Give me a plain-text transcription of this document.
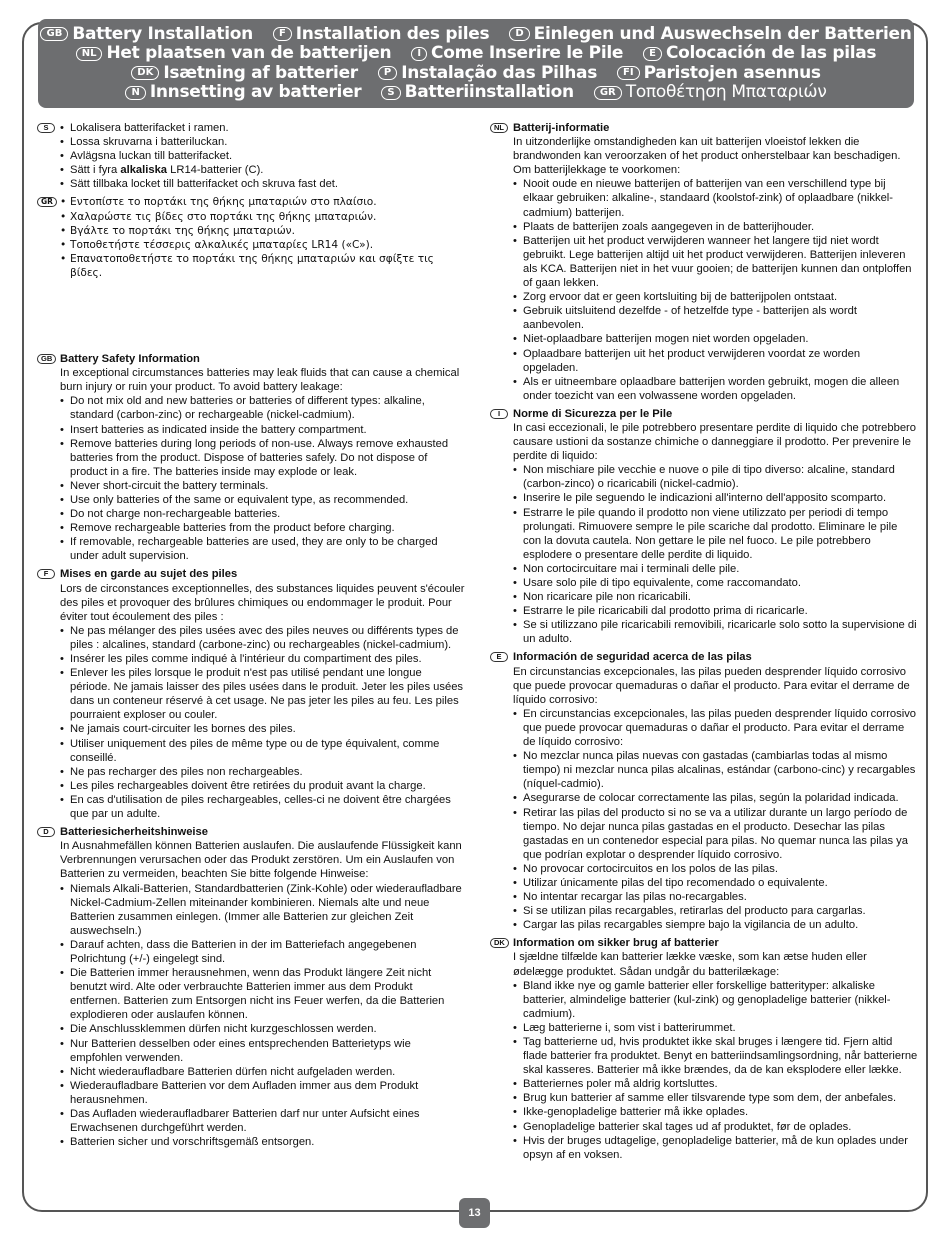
GB Battery Installation	F Installation des piles	D Einlegen und Auswechseln der Batterien
NL Het plaatsen van de batterijen	I Come Inserire le Pile	E Colocación de las pilas
DK Isætning af batterier	P Instalação das Pilhas	FI Paristojen asennus
N Innsetting av batterier	S Batteriinstallation	GR Τοποθέτηση Μπαταριών
S	• Lokalisera batterifacket i ramen.
• Lossa skruvarna i batteriluckan.
• Avlägsna luckan till batterifacket.
• Sätt i fyra alkaliska LR14-batterier (C).
• Sätt tillbaka locket till batterifacket och skruva fast det.
GR	• Εντοπίστε το πορτάκι της θήκης μπαταριών στο πλαίσιο.
• Χαλαρώστε τις βίδες στο πορτάκι της θήκης μπαταριών.
• Βγάλτε το πορτάκι της θήκης μπαταριών.
• Τοποθετήστε τέσσερις αλκαλικές μπαταρίες LR14 («C»).
• Επανατοποθετήστε το πορτάκι της θήκης μπαταριών και σφίξτε τις βίδες.
GB Battery Safety Information
In exceptional circumstances batteries may leak fluids that can cause a chemical burn injury or ruin your product. To avoid battery leakage:
• Do not mix old and new batteries or batteries of different types: alkaline, standard (carbon-zinc) or rechargeable (nickel-cadmium).
• Insert batteries as indicated inside the battery compartment.
• Remove batteries during long periods of non-use. Always remove exhausted batteries from the product. Dispose of batteries safely. Do not dispose of product in a fire. The batteries inside may explode or leak.
• Never short-circuit the battery terminals.
• Use only batteries of the same or equivalent type, as recommended.
• Do not charge non-rechargeable batteries.
• Remove rechargeable batteries from the product before charging.
• If removable, rechargeable batteries are used, they are only to be charged under adult supervision.
F	Mises en garde au sujet des piles
Lors de circonstances exceptionnelles, des substances liquides peuvent s'écouler des piles et provoquer des brûlures chimiques ou endommager le produit. Pour éviter tout écoulement des piles :
• Ne pas mélanger des piles usées avec des piles neuves ou différents types de piles : alcalines, standard (carbone-zinc) ou rechargeables (nickel-cadmium).
• Insérer les piles comme indiqué à l'intérieur du compartiment des piles.
• Enlever les piles lorsque le produit n'est pas utilisé pendant une longue période. Ne jamais laisser des piles usées dans le produit. Jeter les piles usées dans un conteneur réservé à cet usage. Ne pas jeter les piles au feu. Les piles pourraient exploser ou couler.
• Ne jamais court-circuiter les bornes des piles.
• Utiliser uniquement des piles de même type ou de type équivalent, comme conseillé.
• Ne pas recharger des piles non rechargeables.
• Les piles rechargeables doivent être retirées du produit avant la charge.
• En cas d'utilisation de piles rechargeables, celles-ci ne doivent être chargées que par un adulte.
D	Batteriesicherheitshinweise
In Ausnahmefällen können Batterien auslaufen. Die auslaufende Flüssigkeit kann Verbrennungen verursachen oder das Produkt zerstören. Um ein Auslaufen von Batterien zu vermeiden, beachten Sie bitte folgende Hinweise:
• Niemals Alkali-Batterien, Standardbatterien (Zink-Kohle) oder wiederaufladbare Nickel-Cadmium-Zellen miteinander kombinieren. Niemals alte und neue Batterien zusammen einlegen. (Immer alle Batterien zur gleichen Zeit auswechseln.)
• Darauf achten, dass die Batterien in der im Batteriefach angegebenen Polrichtung (+/-) eingelegt sind.
• Die Batterien immer herausnehmen, wenn das Produkt längere Zeit nicht benutzt wird. Alte oder verbrauchte Batterien immer aus dem Produkt entfernen. Batterien zum Entsorgen nicht ins Feuer werfen, da die Batterien explodieren oder auslaufen können.
• Die Anschlussklemmen dürfen nicht kurzgeschlossen werden.
• Nur Batterien desselben oder eines entsprechenden Batterietyps wie empfohlen verwenden.
• Nicht wiederaufladbare Batterien dürfen nicht aufgeladen werden.
• Wiederaufladbare Batterien vor dem Aufladen immer aus dem Produkt herausnehmen.
• Das Aufladen wiederaufladbarer Batterien darf nur unter Aufsicht eines Erwachsenen durchgeführt werden.
• Batterien sicher und vorschriftsgemäß entsorgen.
NL Batterij-informatie
In uitzonderlijke omstandigheden kan uit batterijen vloeistof lekken die brandwonden kan veroorzaken of het product onherstelbaar kan beschadigen. Om batterijlekkage te voorkomen:
• Nooit oude en nieuwe batterijen of batterijen van een verschillend type bij elkaar gebruiken: alkaline-, standaard (koolstof-zink) of oplaadbare (nikkel-cadmium) batterijen.
• Plaats de batterijen zoals aangegeven in de batterijhouder.
• Batterijen uit het product verwijderen wanneer het langere tijd niet wordt gebruikt. Lege batterijen altijd uit het product verwijderen. Batterijen inleveren als KCA. Batterijen niet in het vuur gooien; de batterijen kunnen dan ontploffen of gaan lekken.
• Zorg ervoor dat er geen kortsluiting bij de batterijpolen ontstaat.
• Gebruik uitsluitend dezelfde - of hetzelfde type - batterijen als wordt aanbevolen.
• Niet-oplaadbare batterijen mogen niet worden opgeladen.
• Oplaadbare batterijen uit het product verwijderen voordat ze worden opgeladen.
• Als er uitneembare oplaadbare batterijen worden gebruikt, mogen die alleen onder toezicht van een volwassene worden opgeladen.
I	Norme di Sicurezza per le Pile
In casi eccezionali, le pile potrebbero presentare perdite di liquido che potrebbero causare ustioni da sostanze chimiche o danneggiare il prodotto. Per prevenire le perdite di liquido:
• Non mischiare pile vecchie e nuove o pile di tipo diverso: alcaline, standard (carbon-zinco) o ricaricabili (nickel-cadmio).
• Inserire le pile seguendo le indicazioni all'interno dell'apposito scomparto.
• Estrarre le pile quando il prodotto non viene utilizzato per periodi di tempo prolungati. Rimuovere sempre le pile scariche dal prodotto. Eliminare le pile con la dovuta cautela. Non gettare le pile nel fuoco. Le pile potrebbero esplodere o presentare delle perdite di liquido.
• Non cortocircuitare mai i terminali delle pile.
• Usare solo pile di tipo equivalente, come raccomandato.
• Non ricaricare pile non ricaricabili.
• Estrarre le pile ricaricabili dal prodotto prima di ricaricarle.
• Se si utilizzano pile ricaricabili removibili, ricaricarle solo sotto la supervisione di un adulto.
E	Información de seguridad acerca de las pilas
En circunstancias excepcionales, las pilas pueden desprender líquido corrosivo que puede provocar quemaduras o dañar el producto. Para evitar el derrame de líquido corrosivo:
• En circunstancias excepcionales, las pilas pueden desprender líquido corrosivo que puede provocar quemaduras o dañar el producto. Para evitar el derrame de líquido corrosivo:
• No mezclar nunca pilas nuevas con gastadas (cambiarlas todas al mismo tiempo) ni mezclar nunca pilas alcalinas, estándar (carbono-cinc) y recargables (níquel-cadmio).
• Asegurarse de colocar correctamente las pilas, según la polaridad indicada.
• Retirar las pilas del producto si no se va a utilizar durante un largo período de tiempo. No dejar nunca pilas gastadas en el producto. Desechar las pilas gastadas en un contenedor especial para pilas. No quemar nunca las pilas ya que podrían explotar o desprender líquido corrosivo.
• No provocar cortocircuitos en los polos de las pilas.
• Utilizar únicamente pilas del tipo recomendado o equivalente.
• No intentar recargar las pilas no-recargables.
• Si se utilizan pilas recargables, retirarlas del producto para cargarlas.
• Cargar las pilas recargables siempre bajo la vigilancia de un adulto.
DK Information om sikker brug af batterier
I sjældne tilfælde kan batterier lække væske, som kan ætse huden eller ødelægge produktet. Sådan undgår du batterilækage:
• Bland ikke nye og gamle batterier eller forskellige batterityper: alkaliske batterier, almindelige batterier (kul-zink) og genopladelige batterier (nikkel-cadmium).
• Læg batterierne i, som vist i batterirummet.
• Tag batterierne ud, hvis produktet ikke skal bruges i længere tid. Fjern altid flade batterier fra produktet. Benyt en batteriindsamlingsordning, når batterierne skal kasseres. Batterier må ikke brændes, da de kan eksplodere eller lække.
• Batteriernes poler må aldrig kortsluttes.
• Brug kun batterier af samme eller tilsvarende type som dem, der anbefales.
• Ikke-genopladelige batterier må ikke oplades.
• Genopladelige batterier skal tages ud af produktet, før de oplades.
• Hvis der bruges udtagelige, genopladelige batterier, må de kun oplades under opsyn af en voksen.
13
